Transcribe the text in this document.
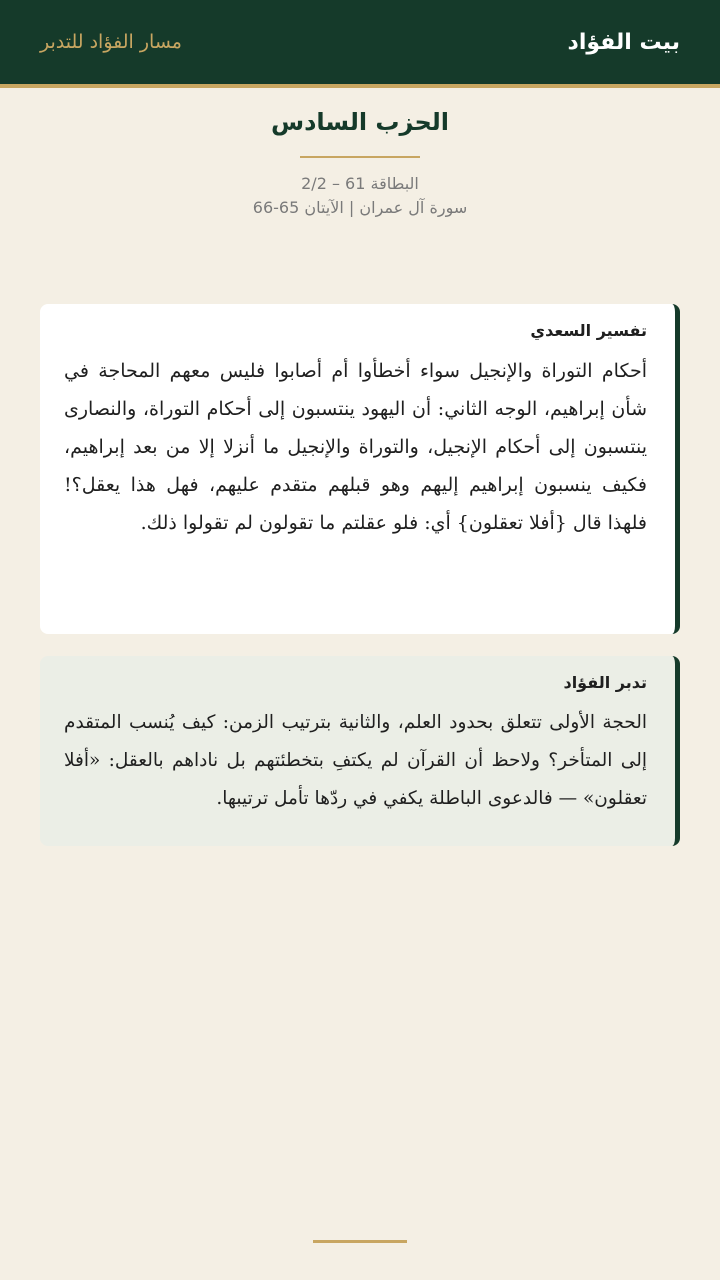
بيت الفؤاد
مسار الفؤاد للتدبر
الحزب السادس
البطاقة 61 – 2/2
سورة آل عمران | الآيتان 65-66
تفسير السعدي

أحكام التوراة والإنجيل سواء أخطأوا أم أصابوا فليس معهم المحاجة في شأن إبراهيم، الوجه الثاني: أن اليهود ينتسبون إلى أحكام التوراة، والنصارى ينتسبون إلى أحكام الإنجيل، والتوراة والإنجيل ما أنزلا إلا من بعد إبراهيم، فكيف ينسبون إبراهيم إليهم وهو قبلهم متقدم عليهم، فهل هذا يعقل؟! فلهذا قال {أفلا تعقلون} أي: فلو عقلتم ما تقولون لم تقولوا ذلك.

تدبر الفؤاد

الحجة الأولى تتعلق بحدود العلم، والثانية بترتيب الزمن: كيف يُنسب المتقدم إلى المتأخر؟ ولاحظ أن القرآن لم يكتفِ بتخطئتهم بل ناداهم بالعقل: «أفلا تعقلون» — فالدعوى الباطلة يكفي في ردّها تأمل ترتيبها.
